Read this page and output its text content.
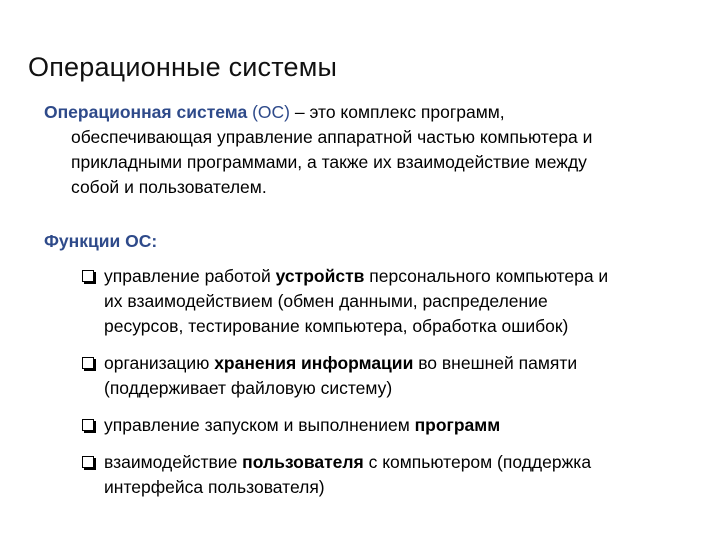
Операционные системы
Операционная система (ОС) – это комплекс программ,
обеспечивающая управление аппаратной частью компьютера и
прикладными программами, а также их взаимодействие между
собой и пользователем.
Функции ОС:
управление работой устройств персонального компьютера и
их взаимодействием (обмен данными, распределение
ресурсов, тестирование компьютера, обработка ошибок)
организацию хранения информации во внешней памяти
(поддерживает файловую систему)
управление запуском и выполнением программ
взаимодействие пользователя с компьютером (поддержка
интерфейса пользователя)
